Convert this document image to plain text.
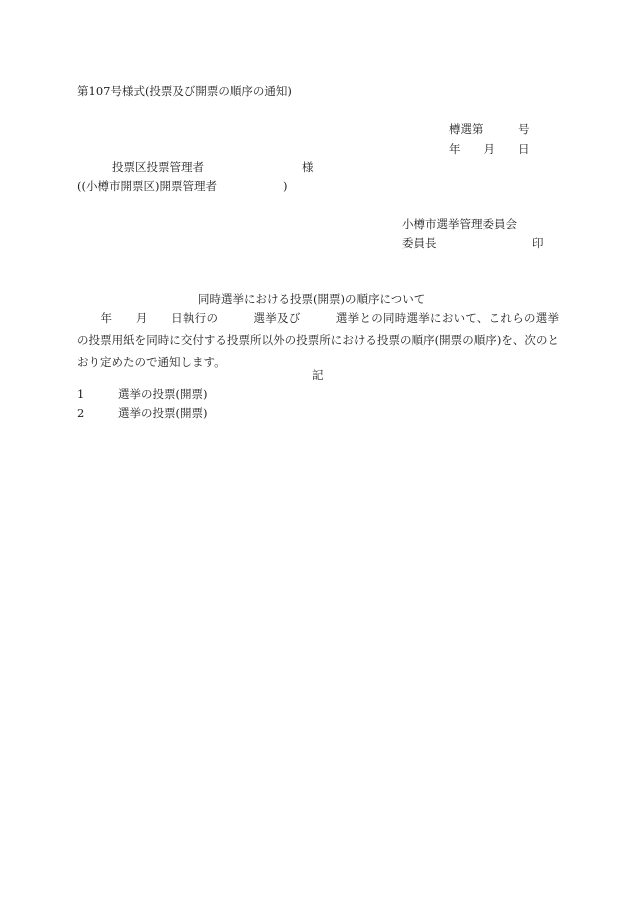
第107号様式(投票及び開票の順序の通知)
樽選第　　　号
年　　月　　日
投票区投票管理者	様
((小樽市開票区)開票管理者	)
小樽市選挙管理委員会
委員長	印
同時選挙における投票(開票)の順序について
　　年　　月　　日執行の　　　選挙及び　　　選挙との同時選挙において、これらの選挙の投票用紙を同時に交付する投票所以外の投票所における投票の順序(開票の順序)を、次のとおり定めたので通知します。
記
1	選挙の投票(開票)
2	選挙の投票(開票)
